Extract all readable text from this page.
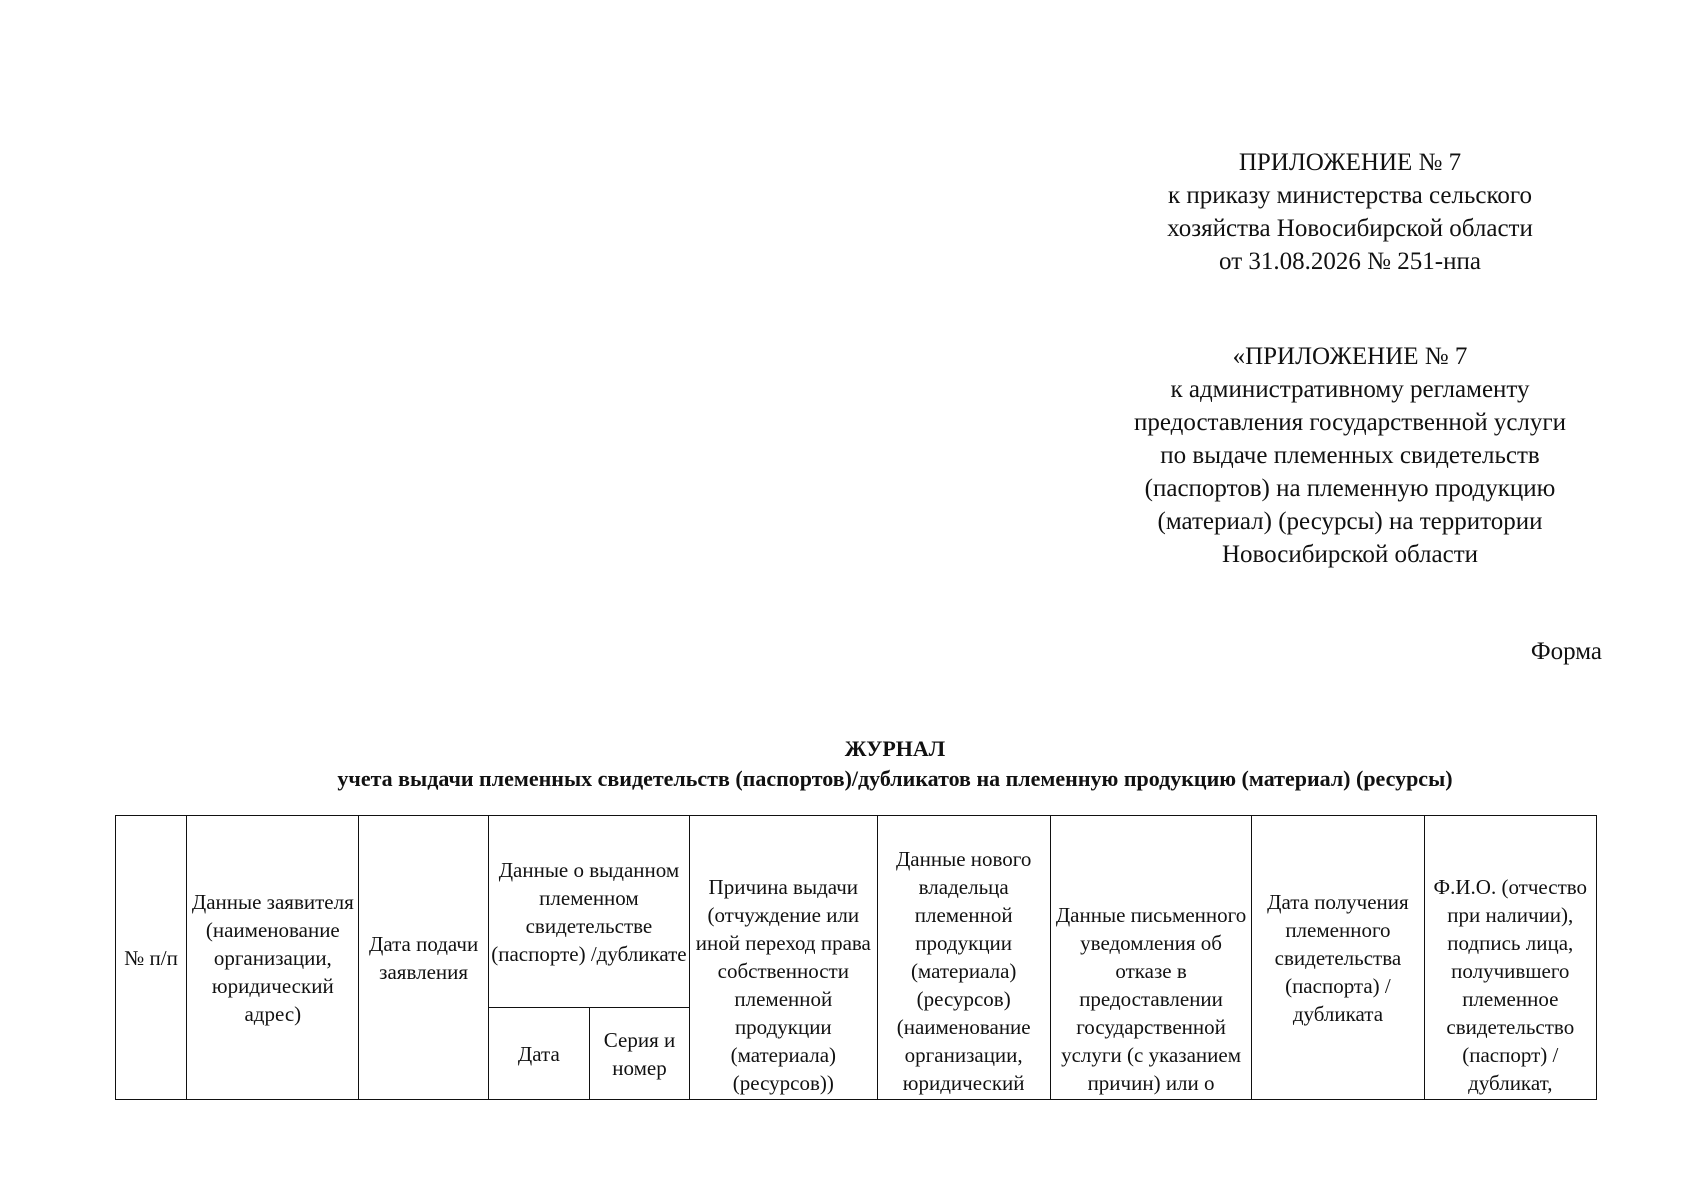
ПРИЛОЖЕНИЕ № 7
к приказу министерства сельского
хозяйства Новосибирской области
от 31.08.2026 № 251-нпа
«ПРИЛОЖЕНИЕ № 7
к административному регламенту
предоставления государственной услуги
по выдаче племенных свидетельств
(паспортов) на племенную продукцию
(материал) (ресурсы) на территории
Новосибирской области
Форма
ЖУРНАЛ
учета выдачи племенных свидетельств (паспортов)/дубликатов на племенную продукцию (материал) (ресурсы)
№ п/п	Данные заявителя (наименование организации, юридический адрес)	Дата подачи заявления	Данные о выданном племенном свидетельстве (паспорте) /дубликате		Причина выдачи (отчуждение или иной переход права собственности племенной продукции (материала) (ресурсов))	Данные нового владельца племенной продукции (материала) (ресурсов) (наименование организации, юридический	Данные письменного уведомления об отказе в предоставлении государственной услуги (с указанием причин) или о	Дата получения племенного свидетельства (паспорта) /дубликата	Ф.И.О. (отчество при наличии), подпись лица, получившего племенное свидетельство (паспорт) /дубликат,

			Дата	Серия и номер					
